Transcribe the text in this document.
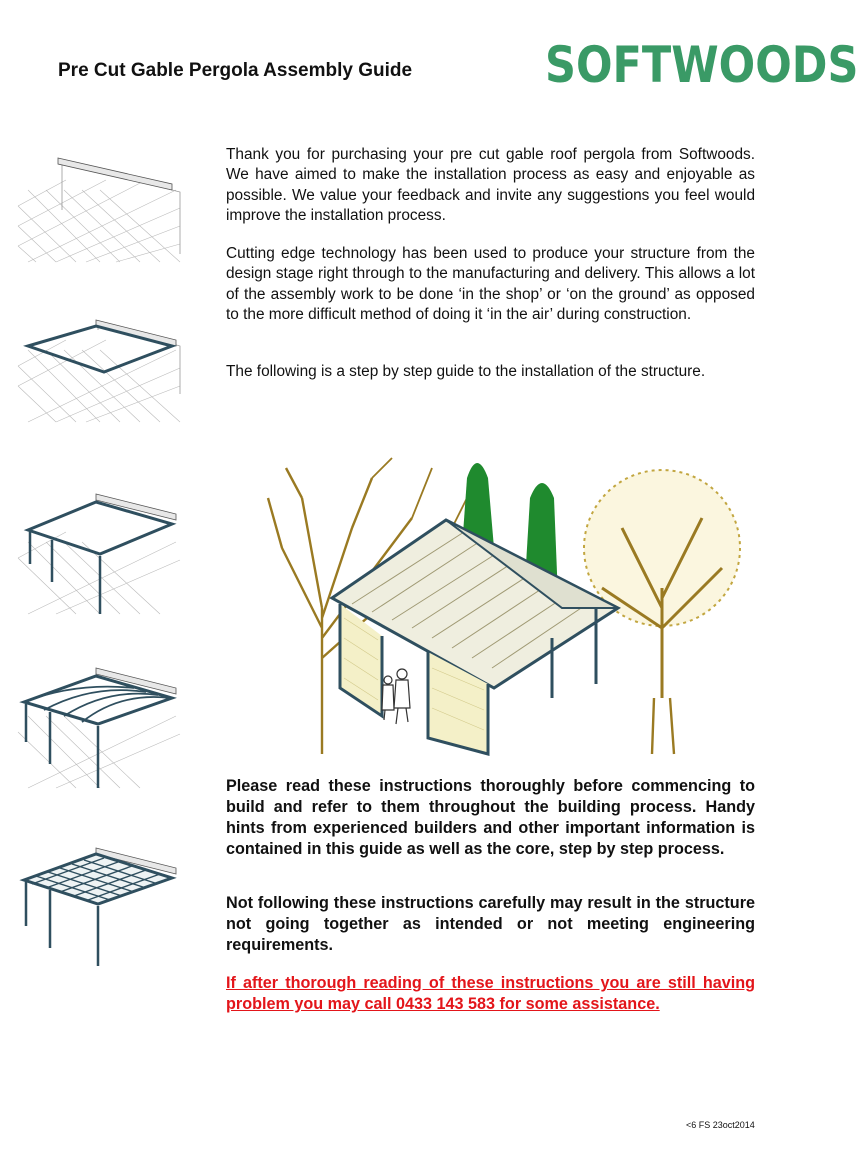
Pre Cut Gable Pergola Assembly Guide	SOFTWOODS

Thank you for purchasing your pre cut gable roof pergola from Softwoods. We have aimed to make the installation process as easy and enjoyable as possible. We value your feedback and invite any suggestions you feel would improve the installation process.

Cutting edge technology has been used to produce your structure from the design stage right through to the manufacturing and delivery. This allows a lot of the assembly work to be done ‘in the shop’ or ‘on the ground’ as opposed to the more difficult method of doing it ‘in the air’ during construction.

The following is a step by step guide to the installation of the structure.

Please read these instructions thoroughly before commencing to build and refer to them throughout the building process. Handy hints from experienced builders and other important information is contained in this guide as well as the core, step by step process.

Not following these instructions carefully may result in the structure not going together as intended or not meeting engineering requirements.

If after thorough reading of these instructions you are still having problem you may call 0433 143 583 for some assistance.

<6 FS 23oct2014
